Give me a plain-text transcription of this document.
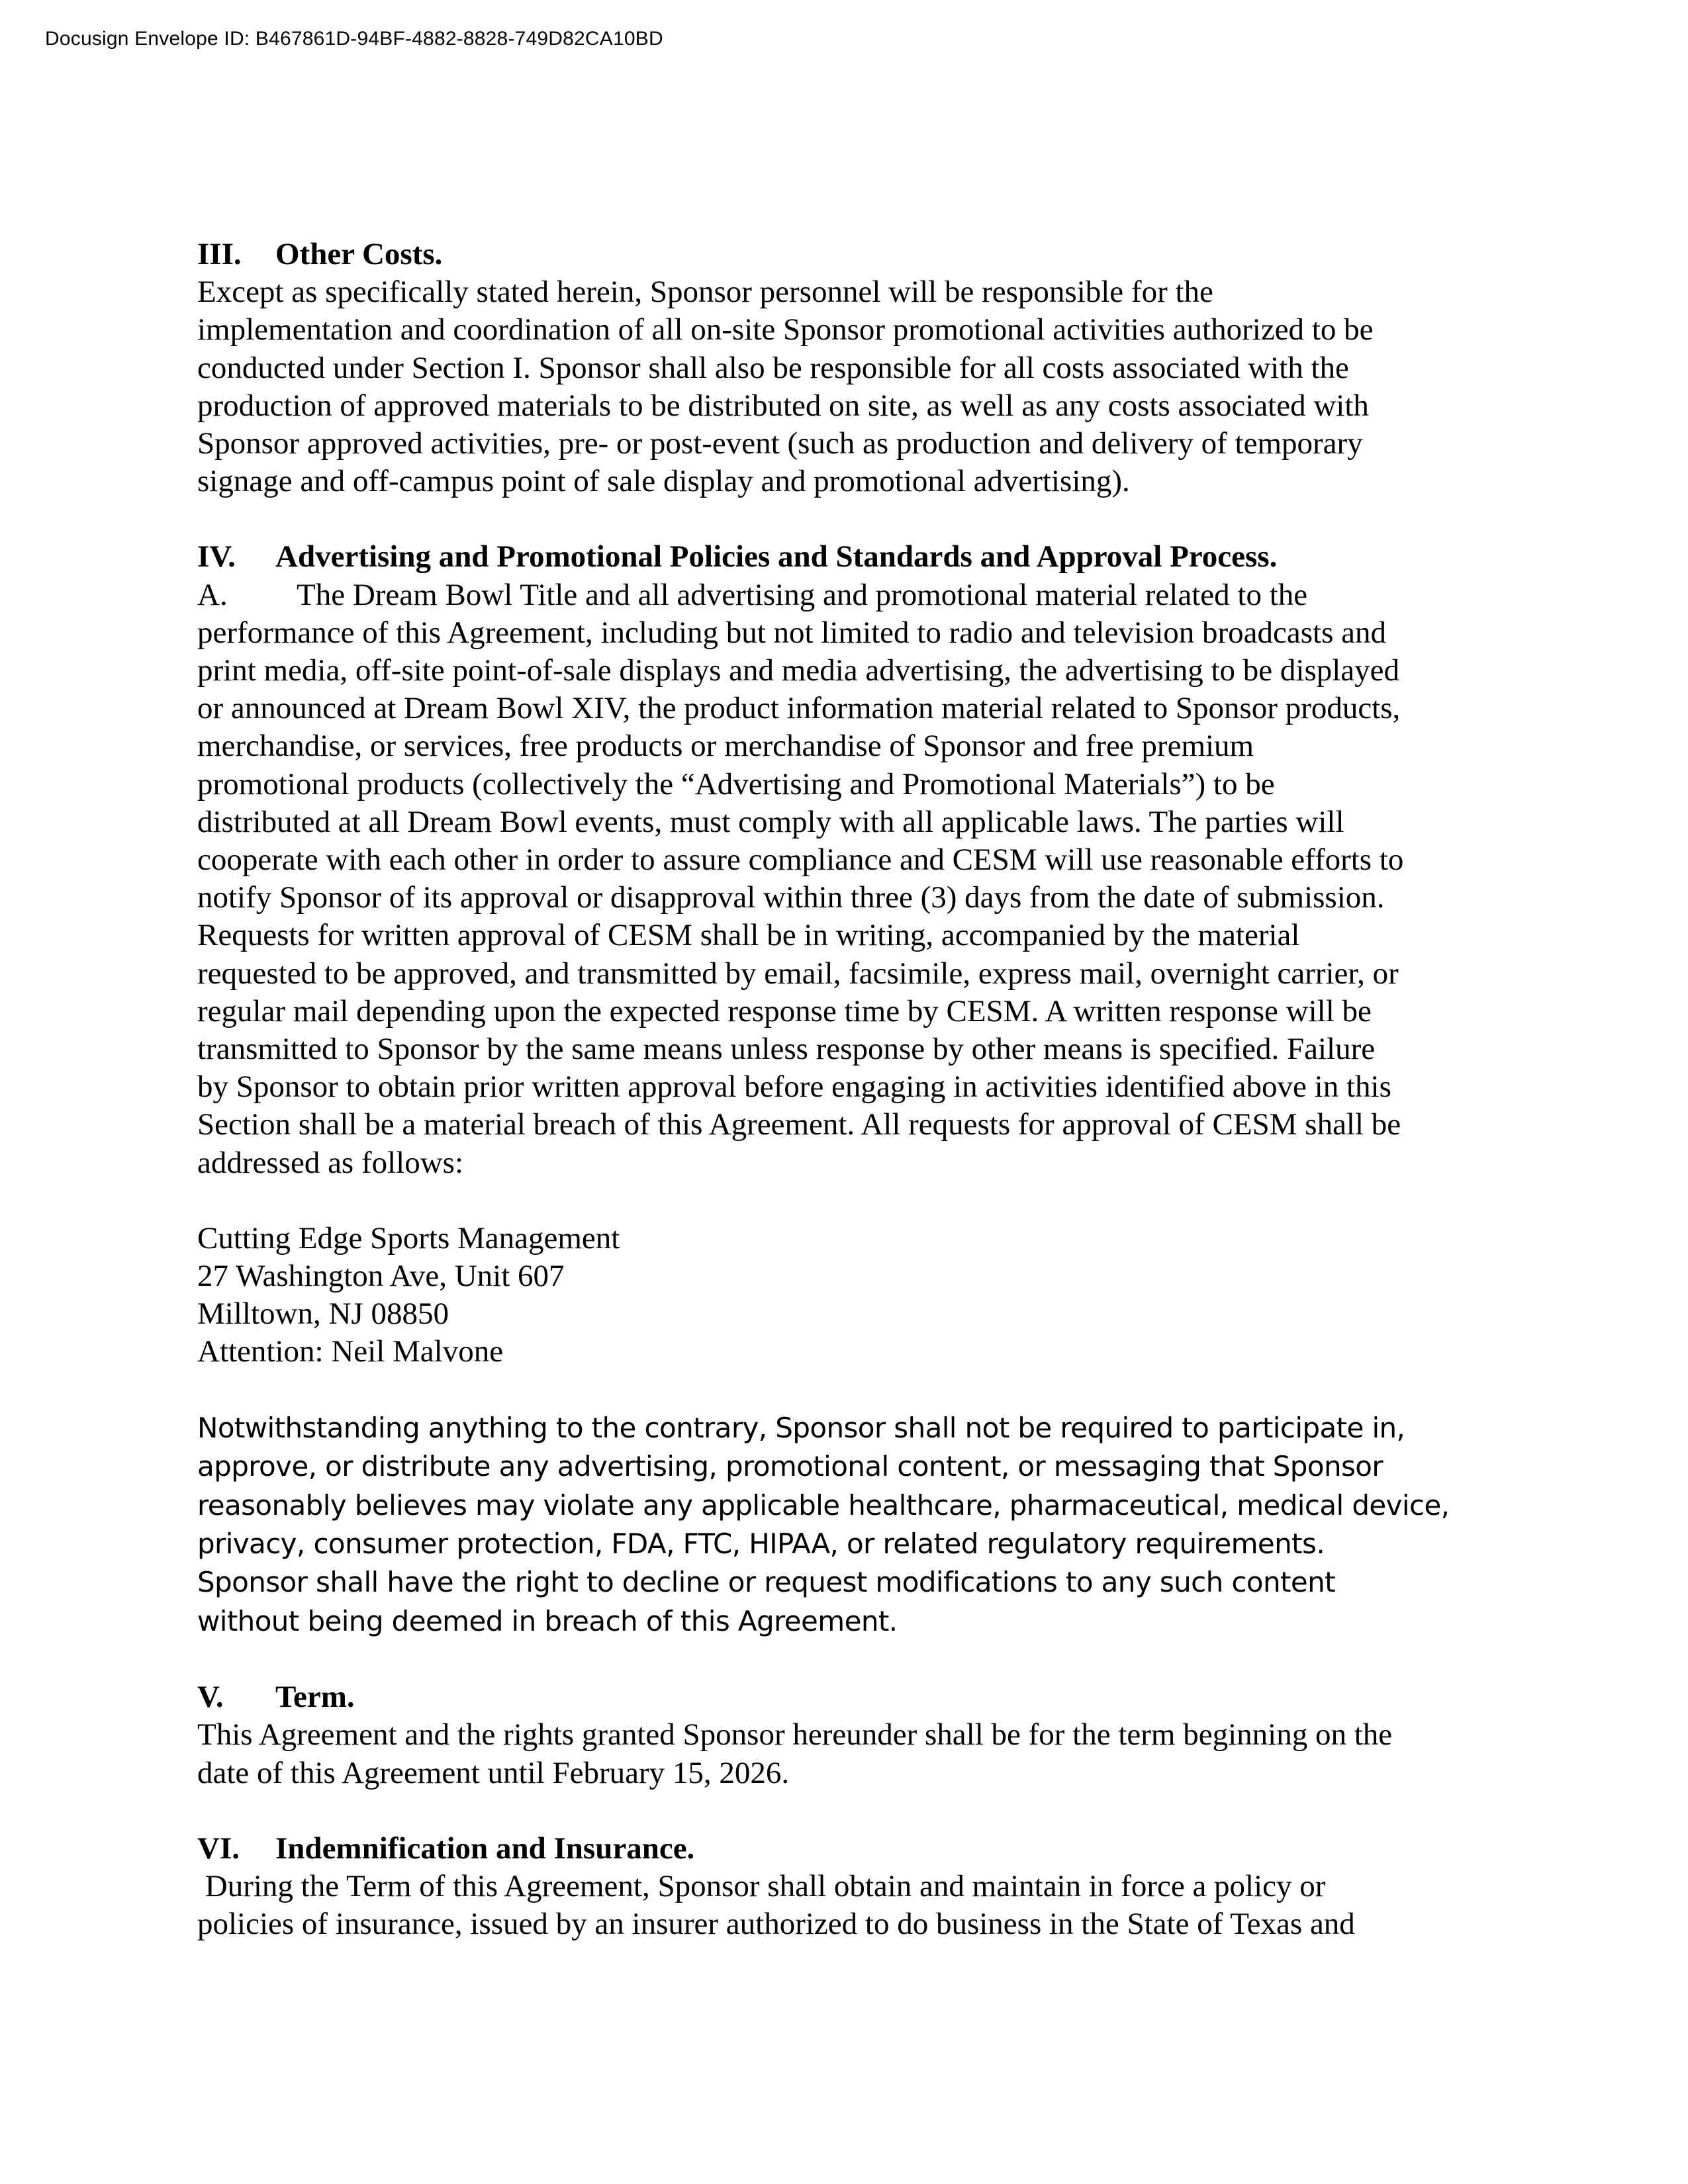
Docusign Envelope ID: B467861D-94BF-4882-8828-749D82CA10BD
III. Other Costs.
Except as specifically stated herein, Sponsor personnel will be responsible for the
implementation and coordination of all on-site Sponsor promotional activities authorized to be
conducted under Section I. Sponsor shall also be responsible for all costs associated with the
production of approved materials to be distributed on site, as well as any costs associated with
Sponsor approved activities, pre- or post-event (such as production and delivery of temporary
signage and off-campus point of sale display and promotional advertising).
IV. Advertising and Promotional Policies and Standards and Approval Process.
A. The Dream Bowl Title and all advertising and promotional material related to the
performance of this Agreement, including but not limited to radio and television broadcasts and
print media, off-site point-of-sale displays and media advertising, the advertising to be displayed
or announced at Dream Bowl XIV, the product information material related to Sponsor products,
merchandise, or services, free products or merchandise of Sponsor and free premium
promotional products (collectively the “Advertising and Promotional Materials”) to be
distributed at all Dream Bowl events, must comply with all applicable laws. The parties will
cooperate with each other in order to assure compliance and CESM will use reasonable efforts to
notify Sponsor of its approval or disapproval within three (3) days from the date of submission.
Requests for written approval of CESM shall be in writing, accompanied by the material
requested to be approved, and transmitted by email, facsimile, express mail, overnight carrier, or
regular mail depending upon the expected response time by CESM. A written response will be
transmitted to Sponsor by the same means unless response by other means is specified. Failure
by Sponsor to obtain prior written approval before engaging in activities identified above in this
Section shall be a material breach of this Agreement. All requests for approval of CESM shall be
addressed as follows:
Cutting Edge Sports Management
27 Washington Ave, Unit 607
Milltown, NJ 08850
Attention: Neil Malvone
Notwithstanding anything to the contrary, Sponsor shall not be required to participate in,
approve, or distribute any advertising, promotional content, or messaging that Sponsor
reasonably believes may violate any applicable healthcare, pharmaceutical, medical device,
privacy, consumer protection, FDA, FTC, HIPAA, or related regulatory requirements.
Sponsor shall have the right to decline or request modifications to any such content
without being deemed in breach of this Agreement.
V. Term.
This Agreement and the rights granted Sponsor hereunder shall be for the term beginning on the
date of this Agreement until February 15, 2026.
VI. Indemnification and Insurance.
During the Term of this Agreement, Sponsor shall obtain and maintain in force a policy or
policies of insurance, issued by an insurer authorized to do business in the State of Texas and
